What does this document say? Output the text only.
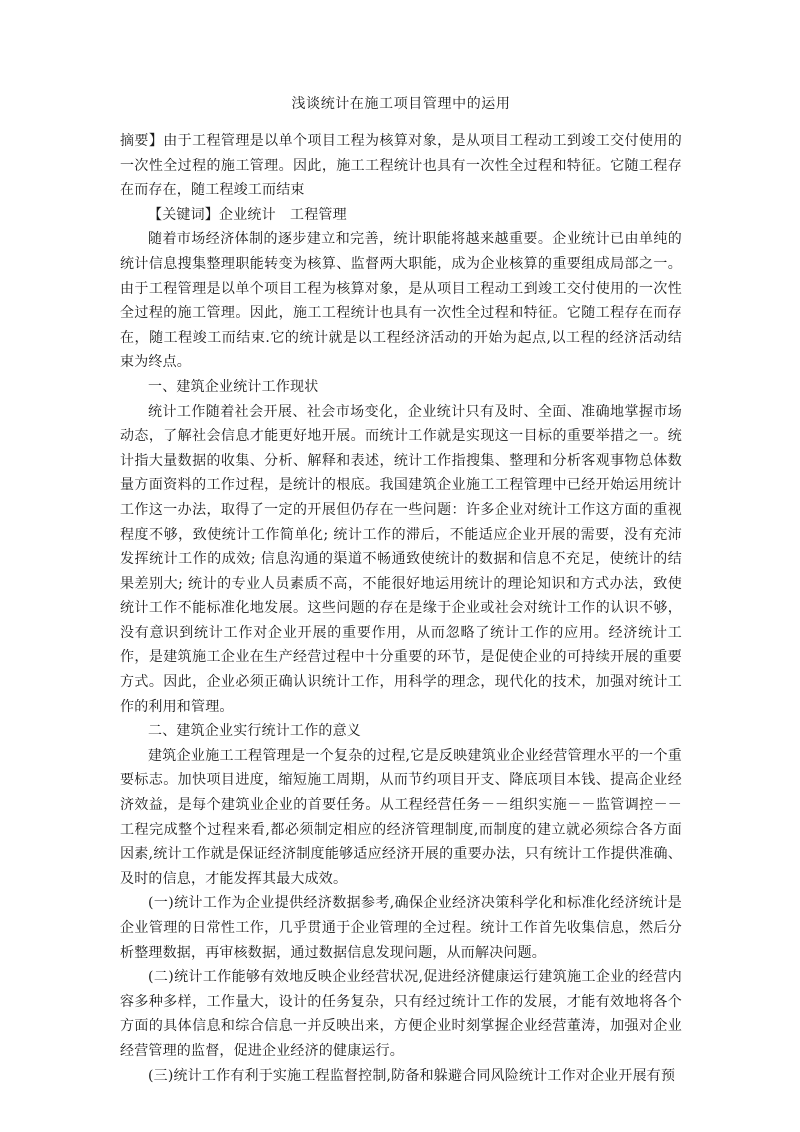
浅谈统计在施工项目管理中的运用

摘要】由于工程管理是以单个项目工程为核算对象，是从项目工程动工到竣工交付使用的一次性全过程的施工管理。因此，施工工程统计也具有一次性全过程和特征。它随工程存在而存在，随工程竣工而结束

【关键词】企业统计　工程管理

随着市场经济体制的逐步建立和完善，统计职能将越来越重要。企业统计已由单纯的统计信息搜集整理职能转变为核算、监督两大职能，成为企业核算的重要组成局部之一。由于工程管理是以单个项目工程为核算对象，是从项目工程动工到竣工交付使用的一次性全过程的施工管理。因此，施工工程统计也具有一次性全过程和特征。它随工程存在而存在，随工程竣工而结束.它的统计就是以工程经济活动的开始为起点,以工程的经济活动结束为终点。

一、建筑企业统计工作现状

统计工作随着社会开展、社会市场变化，企业统计只有及时、全面、准确地掌握市场动态，了解社会信息才能更好地开展。而统计工作就是实现这一目标的重要举措之一。统计指大量数据的收集、分析、解释和表述，统计工作指搜集、整理和分析客观事物总体数量方面资料的工作过程，是统计的根底。我国建筑企业施工工程管理中已经开始运用统计工作这一办法，取得了一定的开展但仍存在一些问题：许多企业对统计工作这方面的重视程度不够，致使统计工作简单化; 统计工作的滞后，不能适应企业开展的需要，没有充沛发挥统计工作的成效; 信息沟通的渠道不畅通致使统计的数据和信息不充足，使统计的结果差别大; 统计的专业人员素质不高，不能很好地运用统计的理论知识和方式办法，致使统计工作不能标准化地发展。这些问题的存在是缘于企业或社会对统计工作的认识不够，没有意识到统计工作对企业开展的重要作用，从而忽略了统计工作的应用。经济统计工作，是建筑施工企业在生产经营过程中十分重要的环节，是促使企业的可持续开展的重要方式。因此，企业必须正确认识统计工作，用科学的理念，现代化的技术，加强对统计工作的利用和管理。

二、建筑企业实行统计工作的意义

建筑企业施工工程管理是一个复杂的过程,它是反映建筑业企业经营管理水平的一个重要标志。加快项目进度，缩短施工周期，从而节约项目开支、降底项目本钱、提高企业经济效益，是每个建筑业企业的首要任务。从工程经营任务－－组织实施－－监管调控－－工程完成整个过程来看,都必须制定相应的经济管理制度,而制度的建立就必须综合各方面因素,统计工作就是保证经济制度能够适应经济开展的重要办法，只有统计工作提供准确、及时的信息，才能发挥其最大成效。

(一)统计工作为企业提供经济数据参考,确保企业经济决策科学化和标准化经济统计是企业管理的日常性工作，几乎贯通于企业管理的全过程。统计工作首先收集信息，然后分析整理数据，再审核数据，通过数据信息发现问题，从而解决问题。

(二)统计工作能够有效地反映企业经营状况,促进经济健康运行建筑施工企业的经营内容多种多样，工作量大，设计的任务复杂，只有经过统计工作的发展，才能有效地将各个方面的具体信息和综合信息一并反映出来，方便企业时刻掌握企业经营董涛，加强对企业经营管理的监督，促进企业经济的健康运行。

(三)统计工作有利于实施工程监督控制,防备和躲避合同风险统计工作对企业开展有预
